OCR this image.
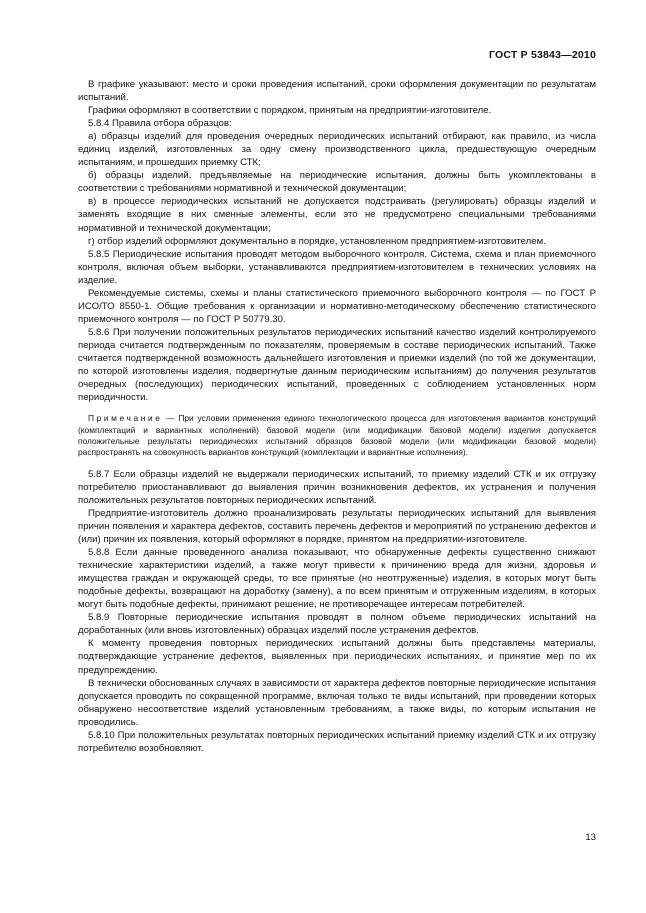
ГОСТ Р 53843—2010

В графике указывают: место и сроки проведения испытаний, сроки оформления документации по результатам испытаний.

Графики оформляют в соответствии с порядком, принятым на предприятии-изготовителе.

5.8.4 Правила отбора образцов:

а) образцы изделий для проведения очередных периодических испытаний отбирают, как правило, из числа единиц изделий, изготовленных за одну смену производственного цикла, предшествующую очередным испытаниям, и прошедших приемку СТК;

б) образцы изделий, предъявляемые на периодические испытания, должны быть укомплектованы в соответствии с требованиями нормативной и технической документации;

в) в процессе периодических испытаний не допускается подстраивать (регулировать) образцы изделий и заменять входящие в них сменные элементы, если это не предусмотрено специальными требованиями нормативной и технической документации;

г) отбор изделий оформляют документально в порядке, установленном предприятием-изготовителем.

5.8.5 Периодические испытания проводят методом выборочного контроля. Система, схема и план приемочного контроля, включая объем выборки, устанавливаются предприятием-изготовителем в технических условиях на изделие.

Рекомендуемые системы, схемы и планы статистического приемочного выборочного контроля — по ГОСТ Р ИСО/ТО 8550-1. Общие требования к организации и нормативно-методическому обеспечению статистического приемочного контроля — по ГОСТ Р 50779.30.

5.8.6 При получении положительных результатов периодических испытаний качество изделий контролируемого периода считается подтвержденным по показателям, проверяемым в составе периодических испытаний. Также считается подтвержденной возможность дальнейшего изготовления и приемки изделий (по той же документации, по которой изготовлены изделия, подвергнутые данным периодическим испытаниям) до получения результатов очередных (последующих) периодических испытаний, проведенных с соблюдением установленных норм периодичности.

Примечание — При условии применения единого технологического процесса для изготовления вариантов конструкций (комплектаций и вариантных исполнений) базовой модели (или модификации базовой модели) изделия допускается положительные результаты периодических испытаний образцов базовой модели (или модификации базовой модели) распространять на совокупность вариантов конструкций (комплектации и вариантные исполнения).

5.8.7 Если образцы изделий не выдержали периодических испытаний, то приемку изделий СТК и их отгрузку потребителю приостанавливают до выявления причин возникновения дефектов, их устранения и получения положительных результатов повторных периодических испытаний.

Предприятие-изготовитель должно проанализировать результаты периодических испытаний для выявления причин появления и характера дефектов, составить перечень дефектов и мероприятий по устранению дефектов и (или) причин их появления, который оформляют в порядке, принятом на предприятии-изготовителе.

5.8.8 Если данные проведенного анализа показывают, что обнаруженные дефекты существенно снижают технические характеристики изделий, а также могут привести к причинению вреда для жизни, здоровья и имущества граждан и окружающей среды, то все принятые (но неотгруженные) изделия, в которых могут быть подобные дефекты, возвращают на доработку (замену), а по всем принятым и отгруженным изделиям, в которых могут быть подобные дефекты, принимают решение, не противоречащее интересам потребителей.

5.8.9 Повторные периодические испытания проводят в полном объеме периодических испытаний на доработанных (или вновь изготовленных) образцах изделий после устранения дефектов.

К моменту проведения повторных периодических испытаний должны быть представлены материалы, подтверждающие устранение дефектов, выявленных при периодических испытаниях, и принятие мер по их предупреждению.

В технически обоснованных случаях в зависимости от характера дефектов повторные периодические испытания допускается проводить по сокращенной программе, включая только те виды испытаний, при проведении которых обнаружено несоответствие изделий установленным требованиям, а также виды, по которым испытания не проводились.

5.8.10 При положительных результатах повторных периодических испытаний приемку изделий СТК и их отгрузку потребителю возобновляют.

13
